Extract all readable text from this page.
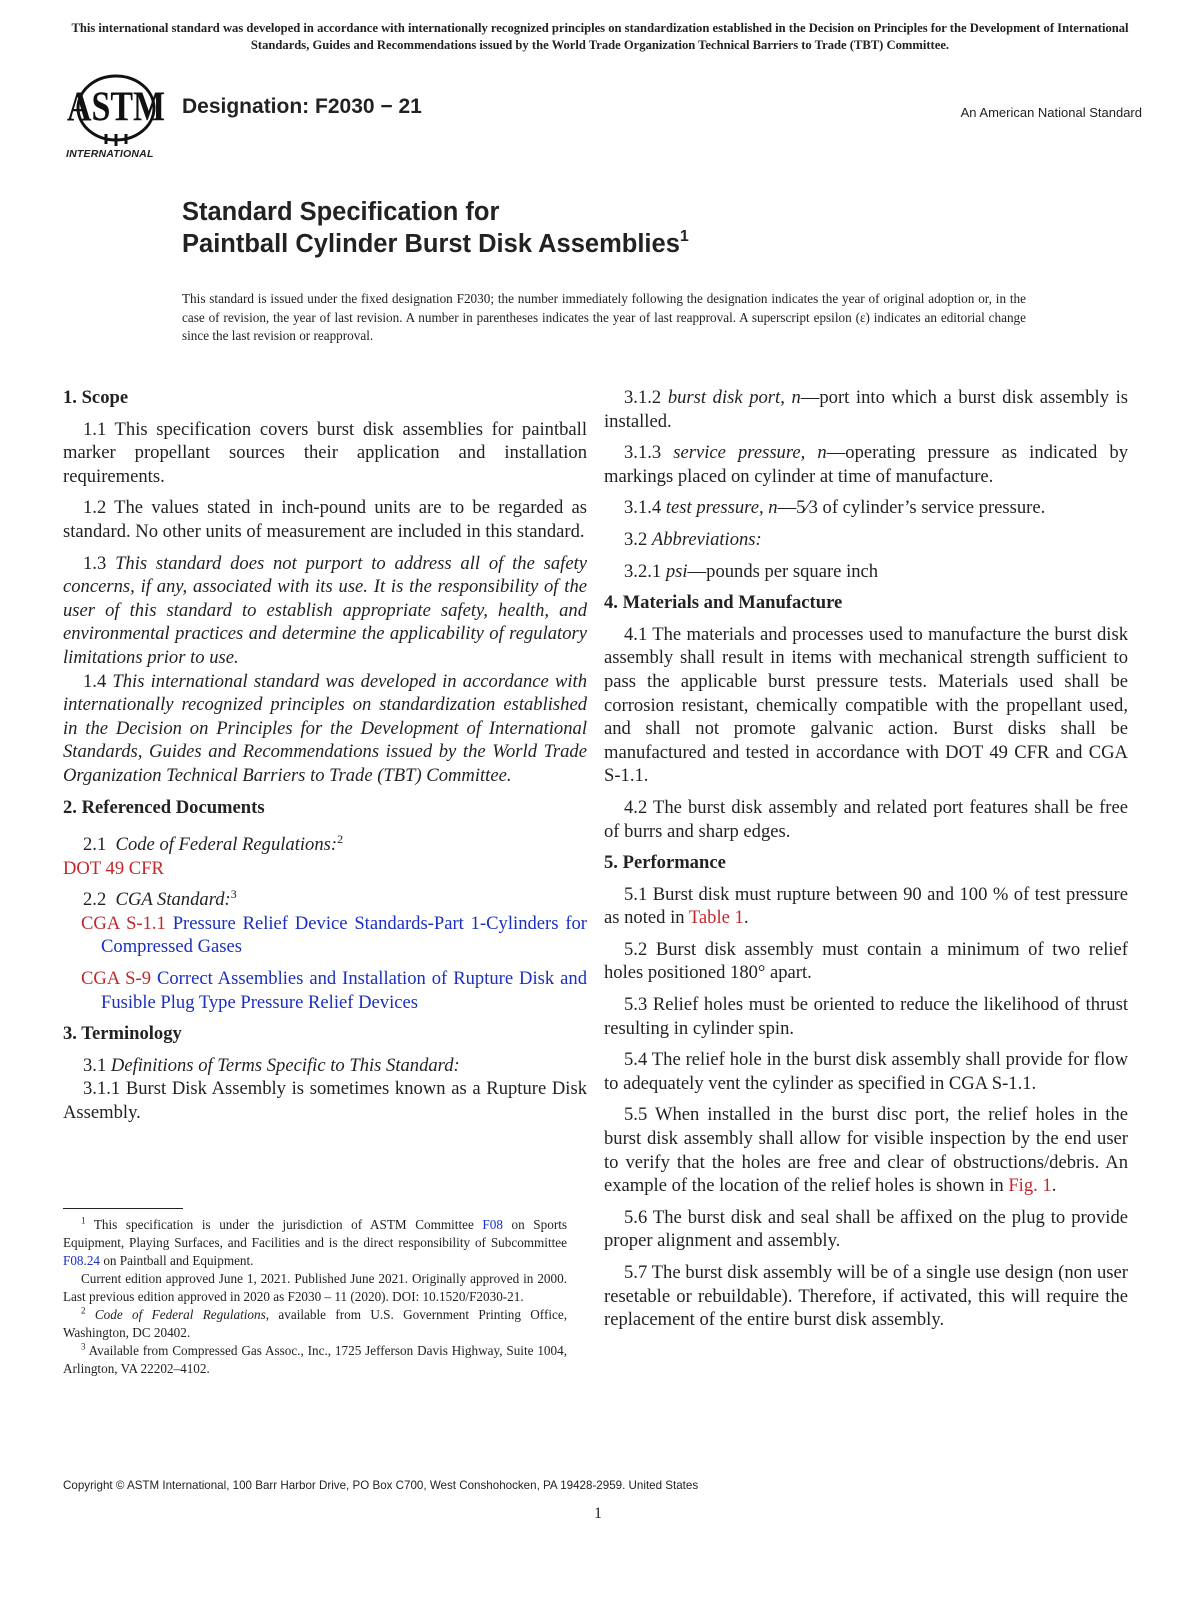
This international standard was developed in accordance with internationally recognized principles on standardization established in the Decision on Principles for the Development of International Standards, Guides and Recommendations issued by the World Trade Organization Technical Barriers to Trade (TBT) Committee.
ASTM
INTERNATIONAL
Designation: F2030 − 21	An American National Standard
Standard Specification for
Paintball Cylinder Burst Disk Assemblies$^1$
This standard is issued under the fixed designation F2030; the number immediately following the designation indicates the year of original adoption or, in the case of revision, the year of last revision. A number in parentheses indicates the year of last reapproval. A superscript epsilon (ε) indicates an editorial change since the last revision or reapproval.

1. Scope

1.1 This specification covers burst disk assemblies for paintball marker propellant sources their application and installation requirements.

1.2 The values stated in inch-pound units are to be regarded as standard. No other units of measurement are included in this standard.

1.3 This standard does not purport to address all of the safety concerns, if any, associated with its use. It is the responsibility of the user of this standard to establish appropriate safety, health, and environmental practices and determine the applicability of regulatory limitations prior to use.

1.4 This international standard was developed in accordance with internationally recognized principles on standardization established in the Decision on Principles for the Development of International Standards, Guides and Recommendations issued by the World Trade Organization Technical Barriers to Trade (TBT) Committee.

2. Referenced Documents

2.1 Code of Federal Regulations:$^2$

DOT 49 CFR

2.2 CGA Standard:$^3$

CGA S-1.1 Pressure Relief Device Standards-Part 1-Cylinders for Compressed Gases

CGA S-9 Correct Assemblies and Installation of Rupture Disk and Fusible Plug Type Pressure Relief Devices

3. Terminology

3.1 Definitions of Terms Specific to This Standard:

3.1.1 Burst Disk Assembly is sometimes known as a Rupture Disk Assembly.

$^1$ This specification is under the jurisdiction of ASTM Committee F08 on Sports Equipment, Playing Surfaces, and Facilities and is the direct responsibility of Subcommittee F08.24 on Paintball and Equipment.

Current edition approved June 1, 2021. Published June 2021. Originally approved in 2000. Last previous edition approved in 2020 as F2030 – 11 (2020). DOI: 10.1520/F2030-21.

$^2$ Code of Federal Regulations, available from U.S. Government Printing Office, Washington, DC 20402.

$^3$ Available from Compressed Gas Assoc., Inc., 1725 Jefferson Davis Highway, Suite 1004, Arlington, VA 22202–4102.

3.1.2 burst disk port, n—port into which a burst disk assembly is installed.

3.1.3 service pressure, n—operating pressure as indicated by markings placed on cylinder at time of manufacture.

3.1.4 test pressure, n—5⁄3 of cylinder’s service pressure.

3.2 Abbreviations:

3.2.1 psi—pounds per square inch

4. Materials and Manufacture

4.1 The materials and processes used to manufacture the burst disk assembly shall result in items with mechanical strength sufficient to pass the applicable burst pressure tests. Materials used shall be corrosion resistant, chemically compatible with the propellant used, and shall not promote galvanic action. Burst disks shall be manufactured and tested in accordance with DOT 49 CFR and CGA S-1.1.

4.2 The burst disk assembly and related port features shall be free of burrs and sharp edges.

5. Performance

5.1 Burst disk must rupture between 90 and 100 % of test pressure as noted in Table 1.

5.2 Burst disk assembly must contain a minimum of two relief holes positioned 180° apart.

5.3 Relief holes must be oriented to reduce the likelihood of thrust resulting in cylinder spin.

5.4 The relief hole in the burst disk assembly shall provide for flow to adequately vent the cylinder as specified in CGA S-1.1.

5.5 When installed in the burst disc port, the relief holes in the burst disk assembly shall allow for visible inspection by the end user to verify that the holes are free and clear of obstructions/debris. An example of the location of the relief holes is shown in Fig. 1.

5.6 The burst disk and seal shall be affixed on the plug to provide proper alignment and assembly.

5.7 The burst disk assembly will be of a single use design (non user resetable or rebuildable). Therefore, if activated, this will require the replacement of the entire burst disk assembly.

Copyright © ASTM International, 100 Barr Harbor Drive, PO Box C700, West Conshohocken, PA 19428-2959. United States
1
